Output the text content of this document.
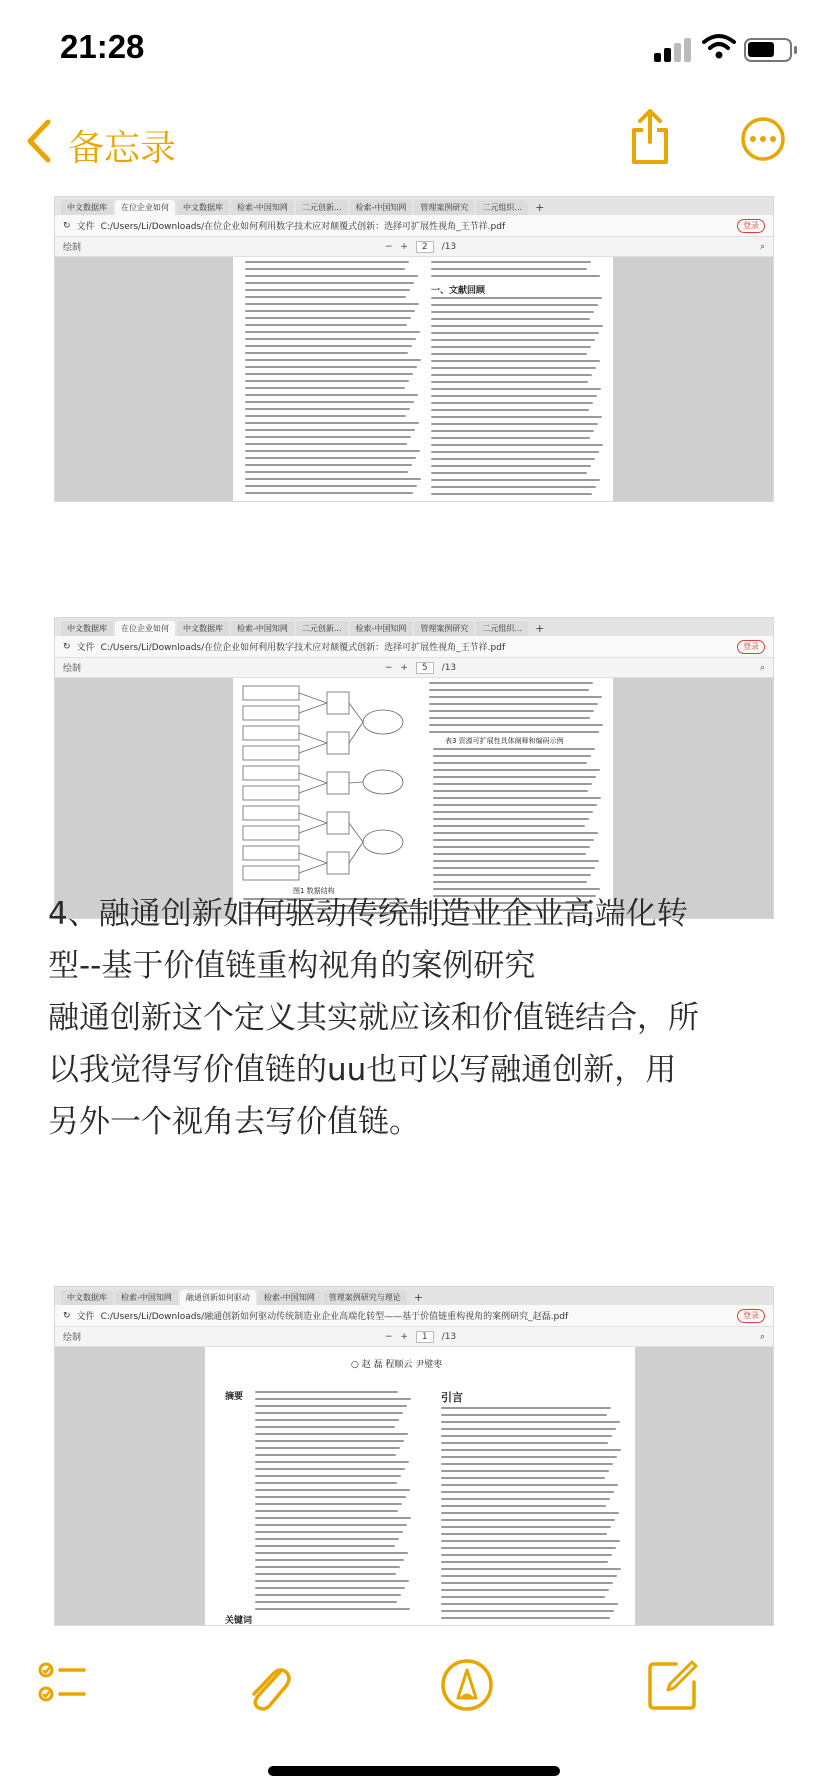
21:28
备忘录
中文数据库	在位企业如何	中文数据库	检索-中国知网	二元创新...	检索-中国知网	管理案例研究	二元组织...	+
↻ 文件 C:/Users/Li/Downloads/在位企业如何利用数字技术应对颠覆式创新：选择可扩展性视角_王节祥.pdf	登录
绘制	− +	2	/13	⌕
一、文献回顾
中文数据库	在位企业如何	中文数据库	检索-中国知网	二元创新...	检索-中国知网	管理案例研究	二元组织...	+
↻ 文件 C:/Users/Li/Downloads/在位企业如何利用数字技术应对颠覆式创新：选择可扩展性视角_王节祥.pdf	登录
绘制	− +	5	/13	⌕
图1 数据结构
表3 资源可扩展性具体阐释和编码示例
4、融通创新如何驱动传统制造业企业高端化转
型--基于价值链重构视角的案例研究
融通创新这个定义其实就应该和价值链结合，所
以我觉得写价值链的uu也可以写融通创新，用
另外一个视角去写价值链。
中文数据库	检索-中国知网	融通创新如何驱动	检索-中国知网	管理案例研究与理论	+
↻ 文件 C:/Users/Li/Downloads/融通创新如何驱动传统制造业企业高端化转型——基于价值链重构视角的案例研究_赵磊.pdf	登录
绘制	− +	1	/13	⌕
○ 赵 磊 程顺云 尹璧枣
摘要
关键词
引言
